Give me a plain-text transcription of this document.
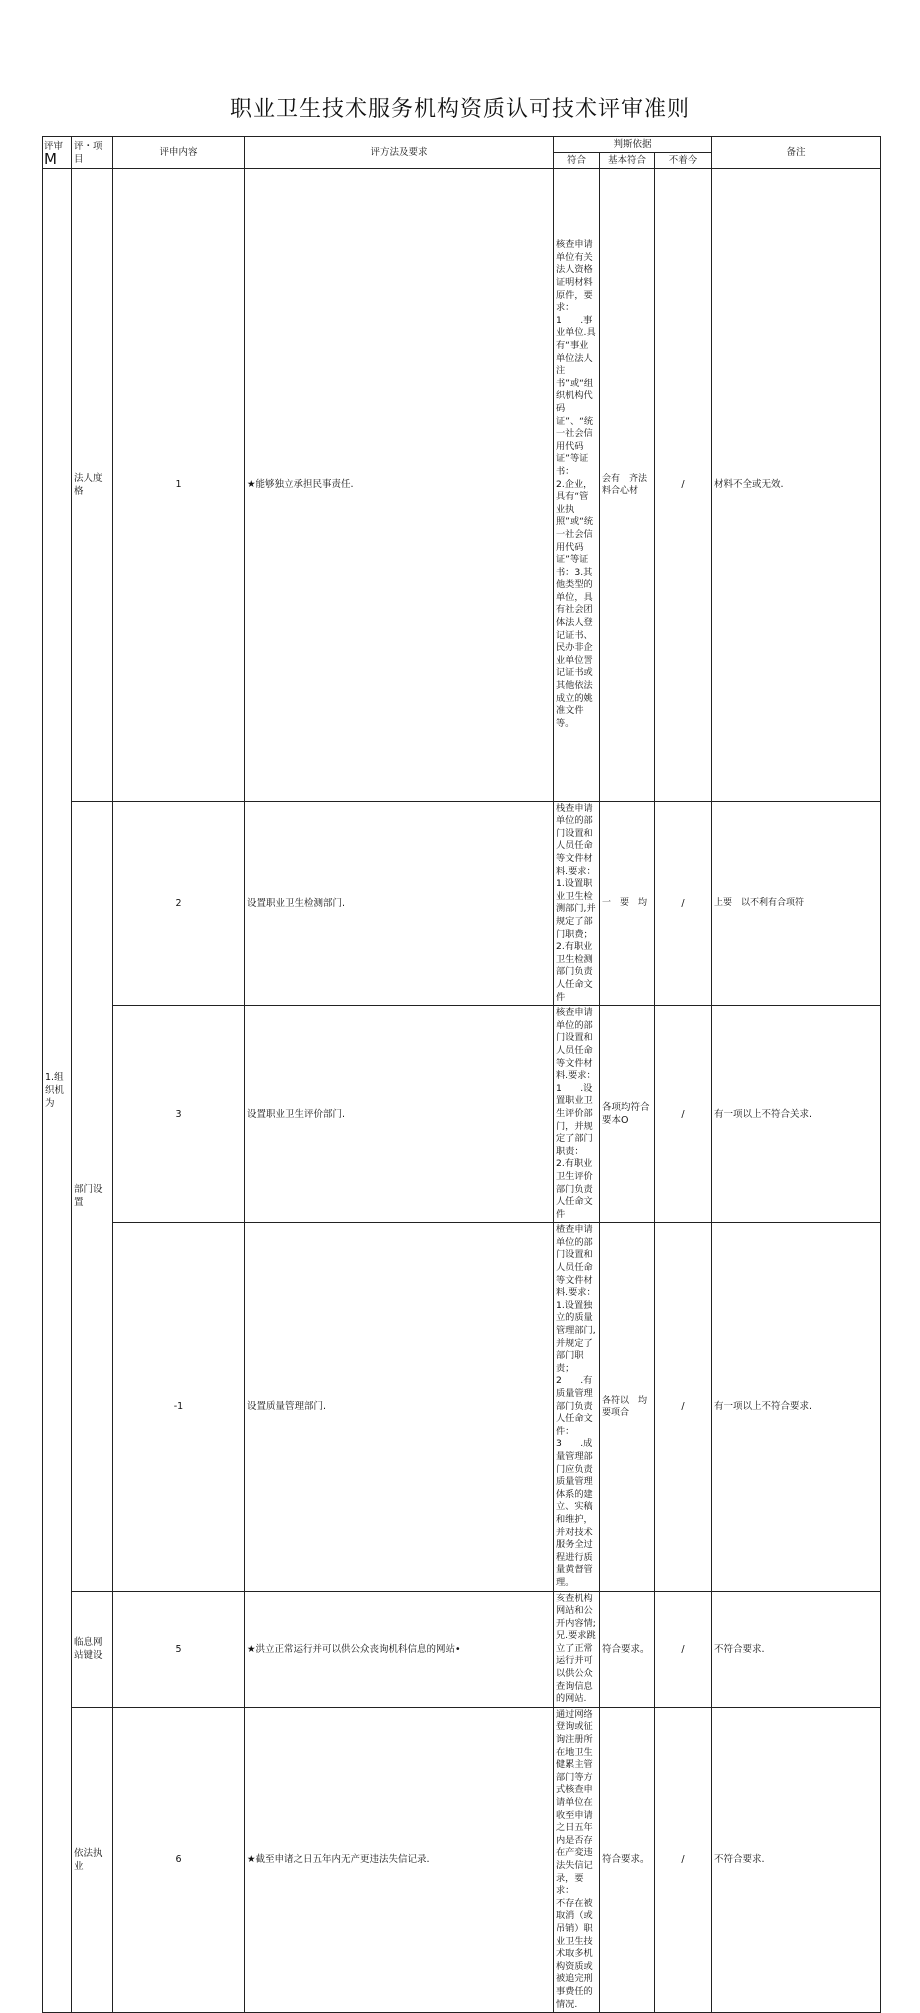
职业卫生技术服务机构资质认可技术评审准则
评审
M	评・项目	评申内容	评方法及要求	判斯依据			备注	
				符合	基本符合	不着今		
1.组织机为	法人度格	1	★能够独立承担民事责任.	核查申请单位有关法人资格证明材料原件，要求：
1　　.事业单位.具有“事业单位法人注书”或“组织机构代码证”、“统一社会信用代码证”等证书：
2.企业，具有“管业执照”或“统一社会信用代码证”等证书：3.其他类型的单位，具有社会团体法人登记证书、民办非企业单位詈记证书或其他依法成立的姚准文件等。	会有　齐法料合心材	/	材料不全或无效.	
	部门设置	2	设置职业卫生检测部门.	栈查申请单位的部门设置和人员任命等文件材料.要求：
1.设置职业卫生检测部门,并规定了部门职费；
2.有职业卫生检测部门负责人任命文件	一　要　均	/	上要　以不利有合项符	
		3	设置职业卫生评价部门.	核查申请单位的部门设置和人员任命等文件材料.要求：
1　　.设置职业卫生评价部门，并规定了部门职责：
2.有职业卫生评价部门负责人任命文件	各项均符合要本O	/	有一项以上不符合关求.	
		-1	设置质量管理部门.	楂查申请单位的部门设置和人员任命等文件材料.要求：
1.设置独立的质量管理部门,并规定了部门职责；
2　　.有质量管理部门负责人任命文件：
3　　.成量管理部门应负责质量管理体系的建立、实稿和维护，并对技术服务全过程进行质量黄督管理。	各符以　均要项合	/	有一项以上不符合要求.	
	临息网站键设	5	★洪立正常运行并可以供公众丧询机科信息的网站•	亥查机构网站和公开内容情;兄.要求跳立了正常运行并可以供公众查询信息的网站.	符合要求。	/	不符合要求.	
	依法执业	6	★截至申诸之日五年内无产更违法失信记录.	通过网络登询或征询注册所在地卫生健累主管部门等方式核查申请单位在收至申请之日五年内是否存在产変违法失信记录，要求：
不存在被取消（或吊销）职业卫生技术取多机构资质或被追完刑事费任的情况.	符合要求。	/	不符合要求.	
